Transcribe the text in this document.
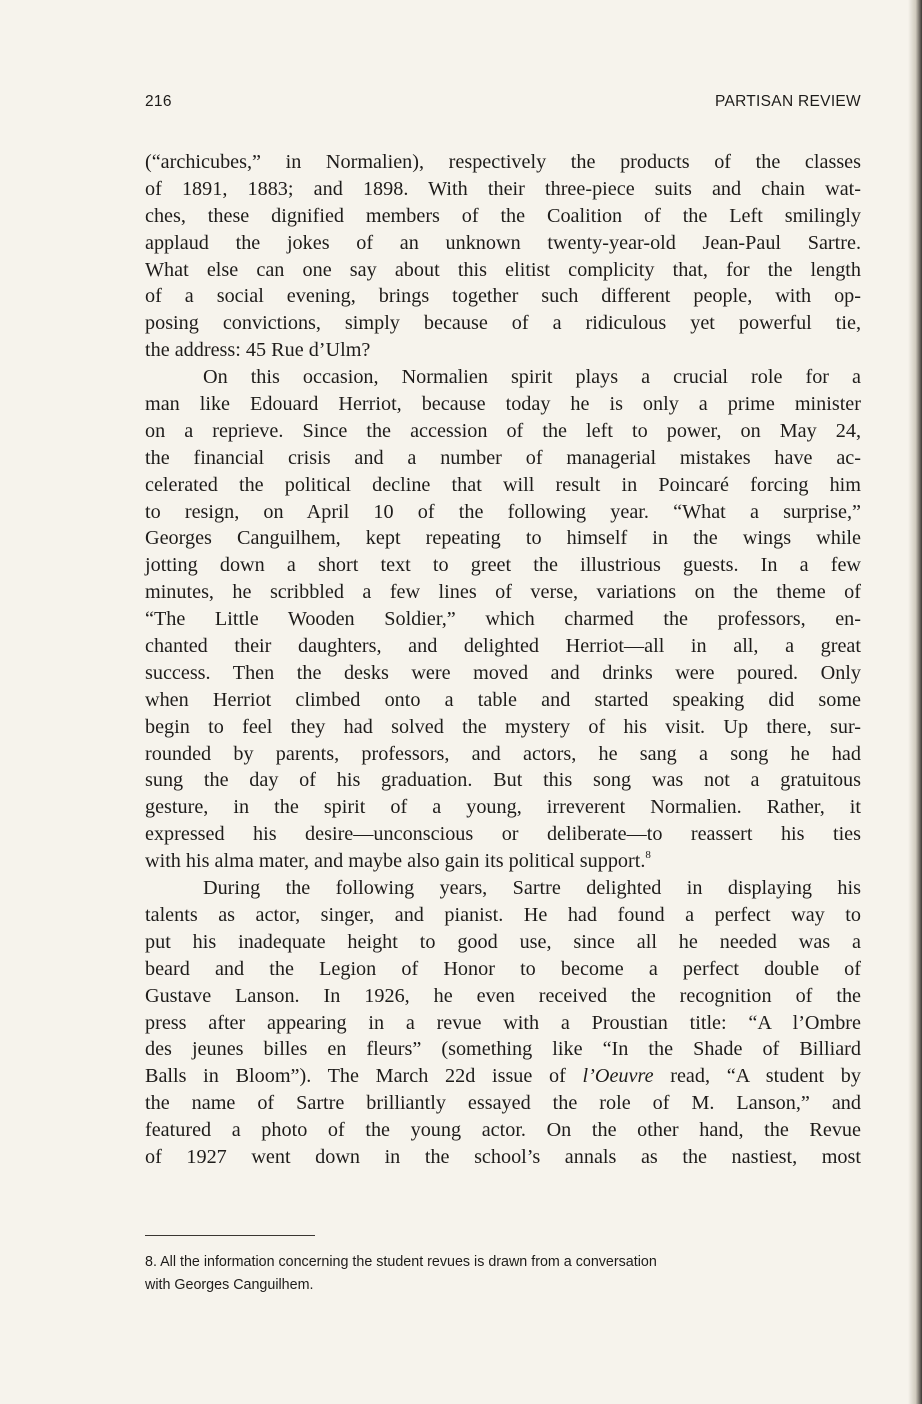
216	PARTISAN REVIEW
(“archicubes,” in Normalien), respectively the products of the classes
of 1891, 1883; and 1898. With their three-piece suits and chain wat-
ches, these dignified members of the Coalition of the Left smilingly
applaud the jokes of an unknown twenty-year-old Jean-Paul Sartre.
What else can one say about this elitist complicity that, for the length
of a social evening, brings together such different people, with op-
posing convictions, simply because of a ridiculous yet powerful tie,
the address: 45 Rue d’Ulm?
On this occasion, Normalien spirit plays a crucial role for a
man like Edouard Herriot, because today he is only a prime minister
on a reprieve. Since the accession of the left to power, on May 24,
the financial crisis and a number of managerial mistakes have ac-
celerated the political decline that will result in Poincaré forcing him
to resign, on April 10 of the following year. “What a surprise,”
Georges Canguilhem, kept repeating to himself in the wings while
jotting down a short text to greet the illustrious guests. In a few
minutes, he scribbled a few lines of verse, variations on the theme of
“The Little Wooden Soldier,” which charmed the professors, en-
chanted their daughters, and delighted Herriot—all in all, a great
success. Then the desks were moved and drinks were poured. Only
when Herriot climbed onto a table and started speaking did some
begin to feel they had solved the mystery of his visit. Up there, sur-
rounded by parents, professors, and actors, he sang a song he had
sung the day of his graduation. But this song was not a gratuitous
gesture, in the spirit of a young, irreverent Normalien. Rather, it
expressed his desire—unconscious or deliberate—to reassert his ties
with his alma mater, and maybe also gain its political support.$^8$
During the following years, Sartre delighted in displaying his
talents as actor, singer, and pianist. He had found a perfect way to
put his inadequate height to good use, since all he needed was a
beard and the Legion of Honor to become a perfect double of
Gustave Lanson. In 1926, he even received the recognition of the
press after appearing in a revue with a Proustian title: “A l’Ombre
des jeunes billes en fleurs” (something like “In the Shade of Billiard
Balls in Bloom”). The March 22d issue of l’Oeuvre read, “A student by
the name of Sartre brilliantly essayed the role of M. Lanson,” and
featured a photo of the young actor. On the other hand, the Revue
of 1927 went down in the school’s annals as the nastiest, most
8. All the information concerning the student revues is drawn from a conversation
with Georges Canguilhem.
